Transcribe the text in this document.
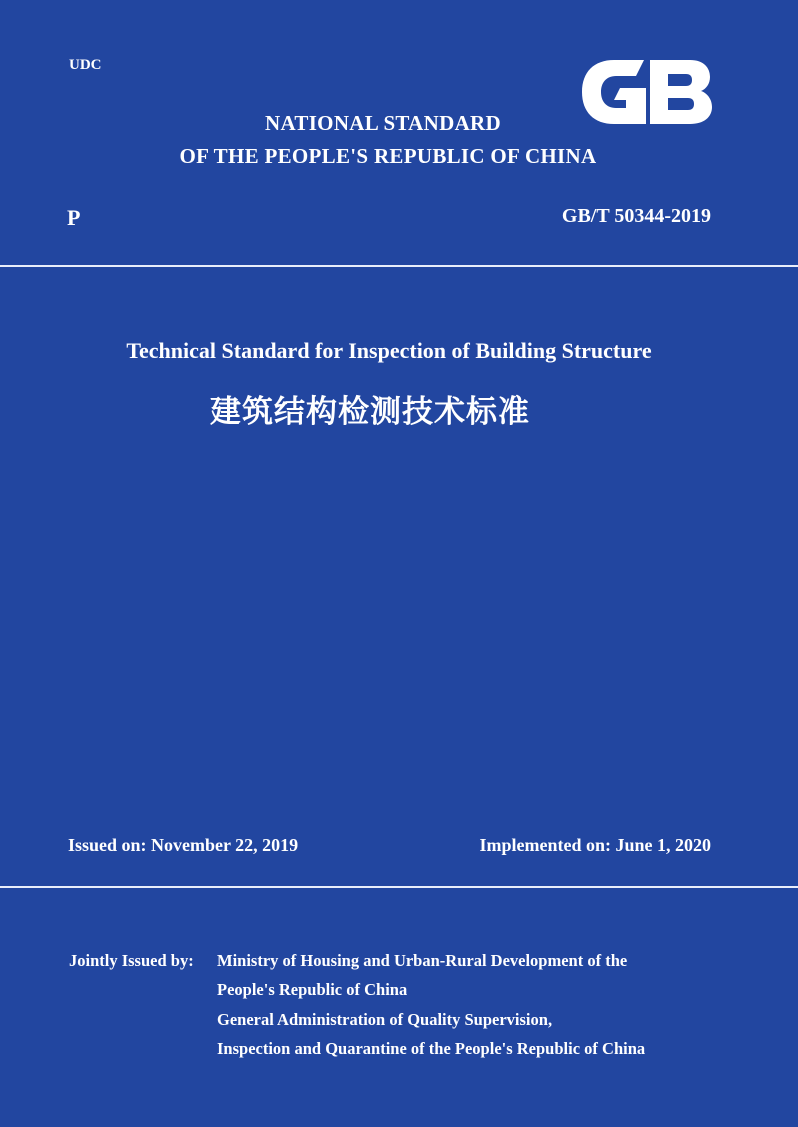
UDC
NATIONAL STANDARD
OF THE PEOPLE'S REPUBLIC OF CHINA
P	GB/T 50344-2019
Technical Standard for Inspection of Building Structure
建筑结构检测技术标准
Issued on: November 22, 2019	Implemented on: June 1, 2020
Jointly Issued by: Ministry of Housing and Urban-Rural Development of the
People's Republic of China
General Administration of Quality Supervision,
Inspection and Quarantine of the People's Republic of China
